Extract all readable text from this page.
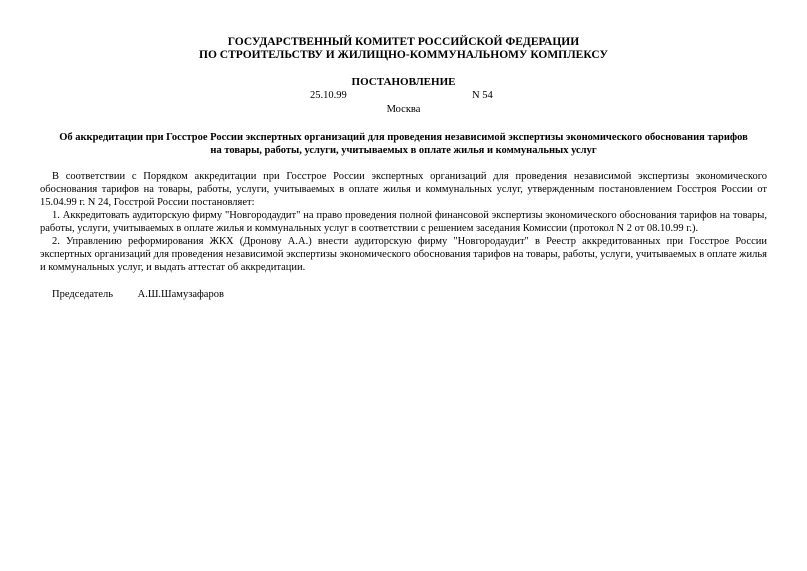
ГОСУДАРСТВЕННЫЙ КОМИТЕТ РОССИЙСКОЙ ФЕДЕРАЦИИ
ПО СТРОИТЕЛЬСТВУ И ЖИЛИЩНО-КОММУНАЛЬНОМУ КОМПЛЕКСУ
ПОСТАНОВЛЕНИЕ
25.10.99	N 54
Москва
Об аккредитации при Госстрое России экспертных организаций для проведения независимой экспертизы экономического обоснования тарифов
на товары, работы, услуги, учитываемых в оплате жилья и коммунальных услуг

В соответствии с Порядком аккредитации при Госстрое России экспертных организаций для проведения независимой экспертизы экономического обоснования тарифов на товары, работы, услуги, учитываемых в оплате жилья и коммунальных услуг, утвержденным постановлением Госстроя России от 15.04.99 г. N 24, Госстрой России постановляет:

1. Аккредитовать аудиторскую фирму "Новгородаудит" на право проведения полной финансовой экспертизы экономического обоснования тарифов на товары, работы, услуги, учитываемых в оплате жилья и коммунальных услуг в соответствии с решением заседания Комиссии (протокол N 2 от 08.10.99 г.).

2. Управлению реформирования ЖКХ (Дронову А.А.) внести аудиторскую фирму "Новгородаудит" в Реестр аккредитованных при Госстрое России экспертных организаций для проведения независимой экспертизы экономического обоснования тарифов на товары, работы, услуги, учитываемых в оплате жилья и коммунальных услуг, и выдать аттестат об аккредитации.

Председатель А.Ш.Шамузафаров
